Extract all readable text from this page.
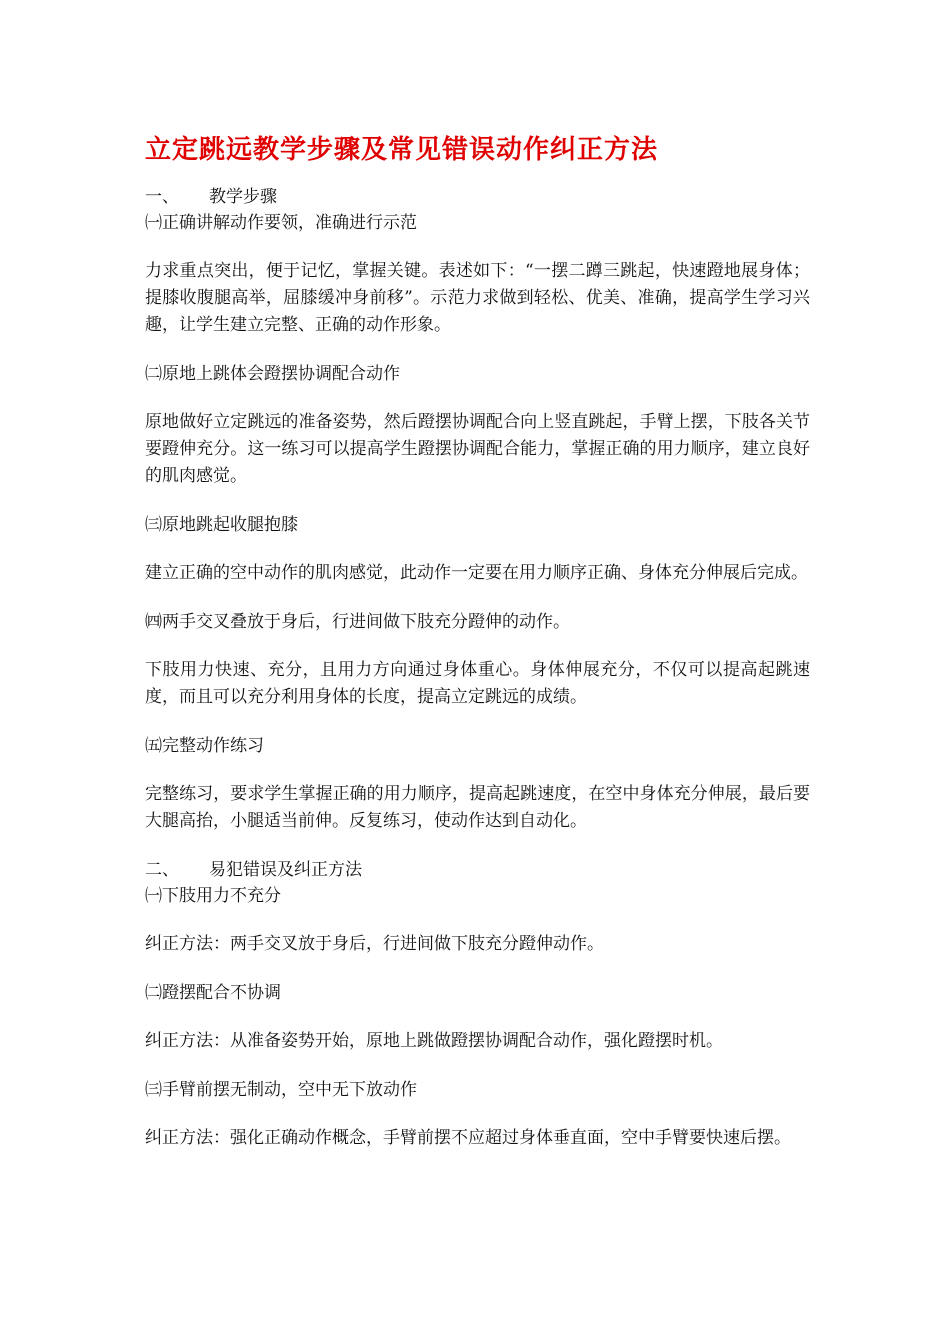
立定跳远教学步骤及常见错误动作纠正方法

一、 教学步骤

㈠正确讲解动作要领，准确进行示范

力求重点突出，便于记忆，掌握关键。表述如下：“一摆二蹲三跳起，快速蹬地展身体；提膝收腹腿高举，屈膝缓冲身前移”。示范力求做到轻松、优美、准确，提高学生学习兴趣，让学生建立完整、正确的动作形象。

㈡原地上跳体会蹬摆协调配合动作

原地做好立定跳远的准备姿势，然后蹬摆协调配合向上竖直跳起，手臂上摆，下肢各关节要蹬伸充分。这一练习可以提高学生蹬摆协调配合能力，掌握正确的用力顺序，建立良好的肌肉感觉。

㈢原地跳起收腿抱膝

建立正确的空中动作的肌肉感觉，此动作一定要在用力顺序正确、身体充分伸展后完成。

㈣两手交叉叠放于身后，行进间做下肢充分蹬伸的动作。

下肢用力快速、充分，且用力方向通过身体重心。身体伸展充分，不仅可以提高起跳速度，而且可以充分利用身体的长度，提高立定跳远的成绩。

㈤完整动作练习

完整练习，要求学生掌握正确的用力顺序，提高起跳速度，在空中身体充分伸展，最后要大腿高抬，小腿适当前伸。反复练习，使动作达到自动化。

二、 易犯错误及纠正方法

㈠下肢用力不充分

纠正方法：两手交叉放于身后，行进间做下肢充分蹬伸动作。

㈡蹬摆配合不协调

纠正方法：从准备姿势开始，原地上跳做蹬摆协调配合动作，强化蹬摆时机。

㈢手臂前摆无制动，空中无下放动作

纠正方法：强化正确动作概念，手臂前摆不应超过身体垂直面，空中手臂要快速后摆。
